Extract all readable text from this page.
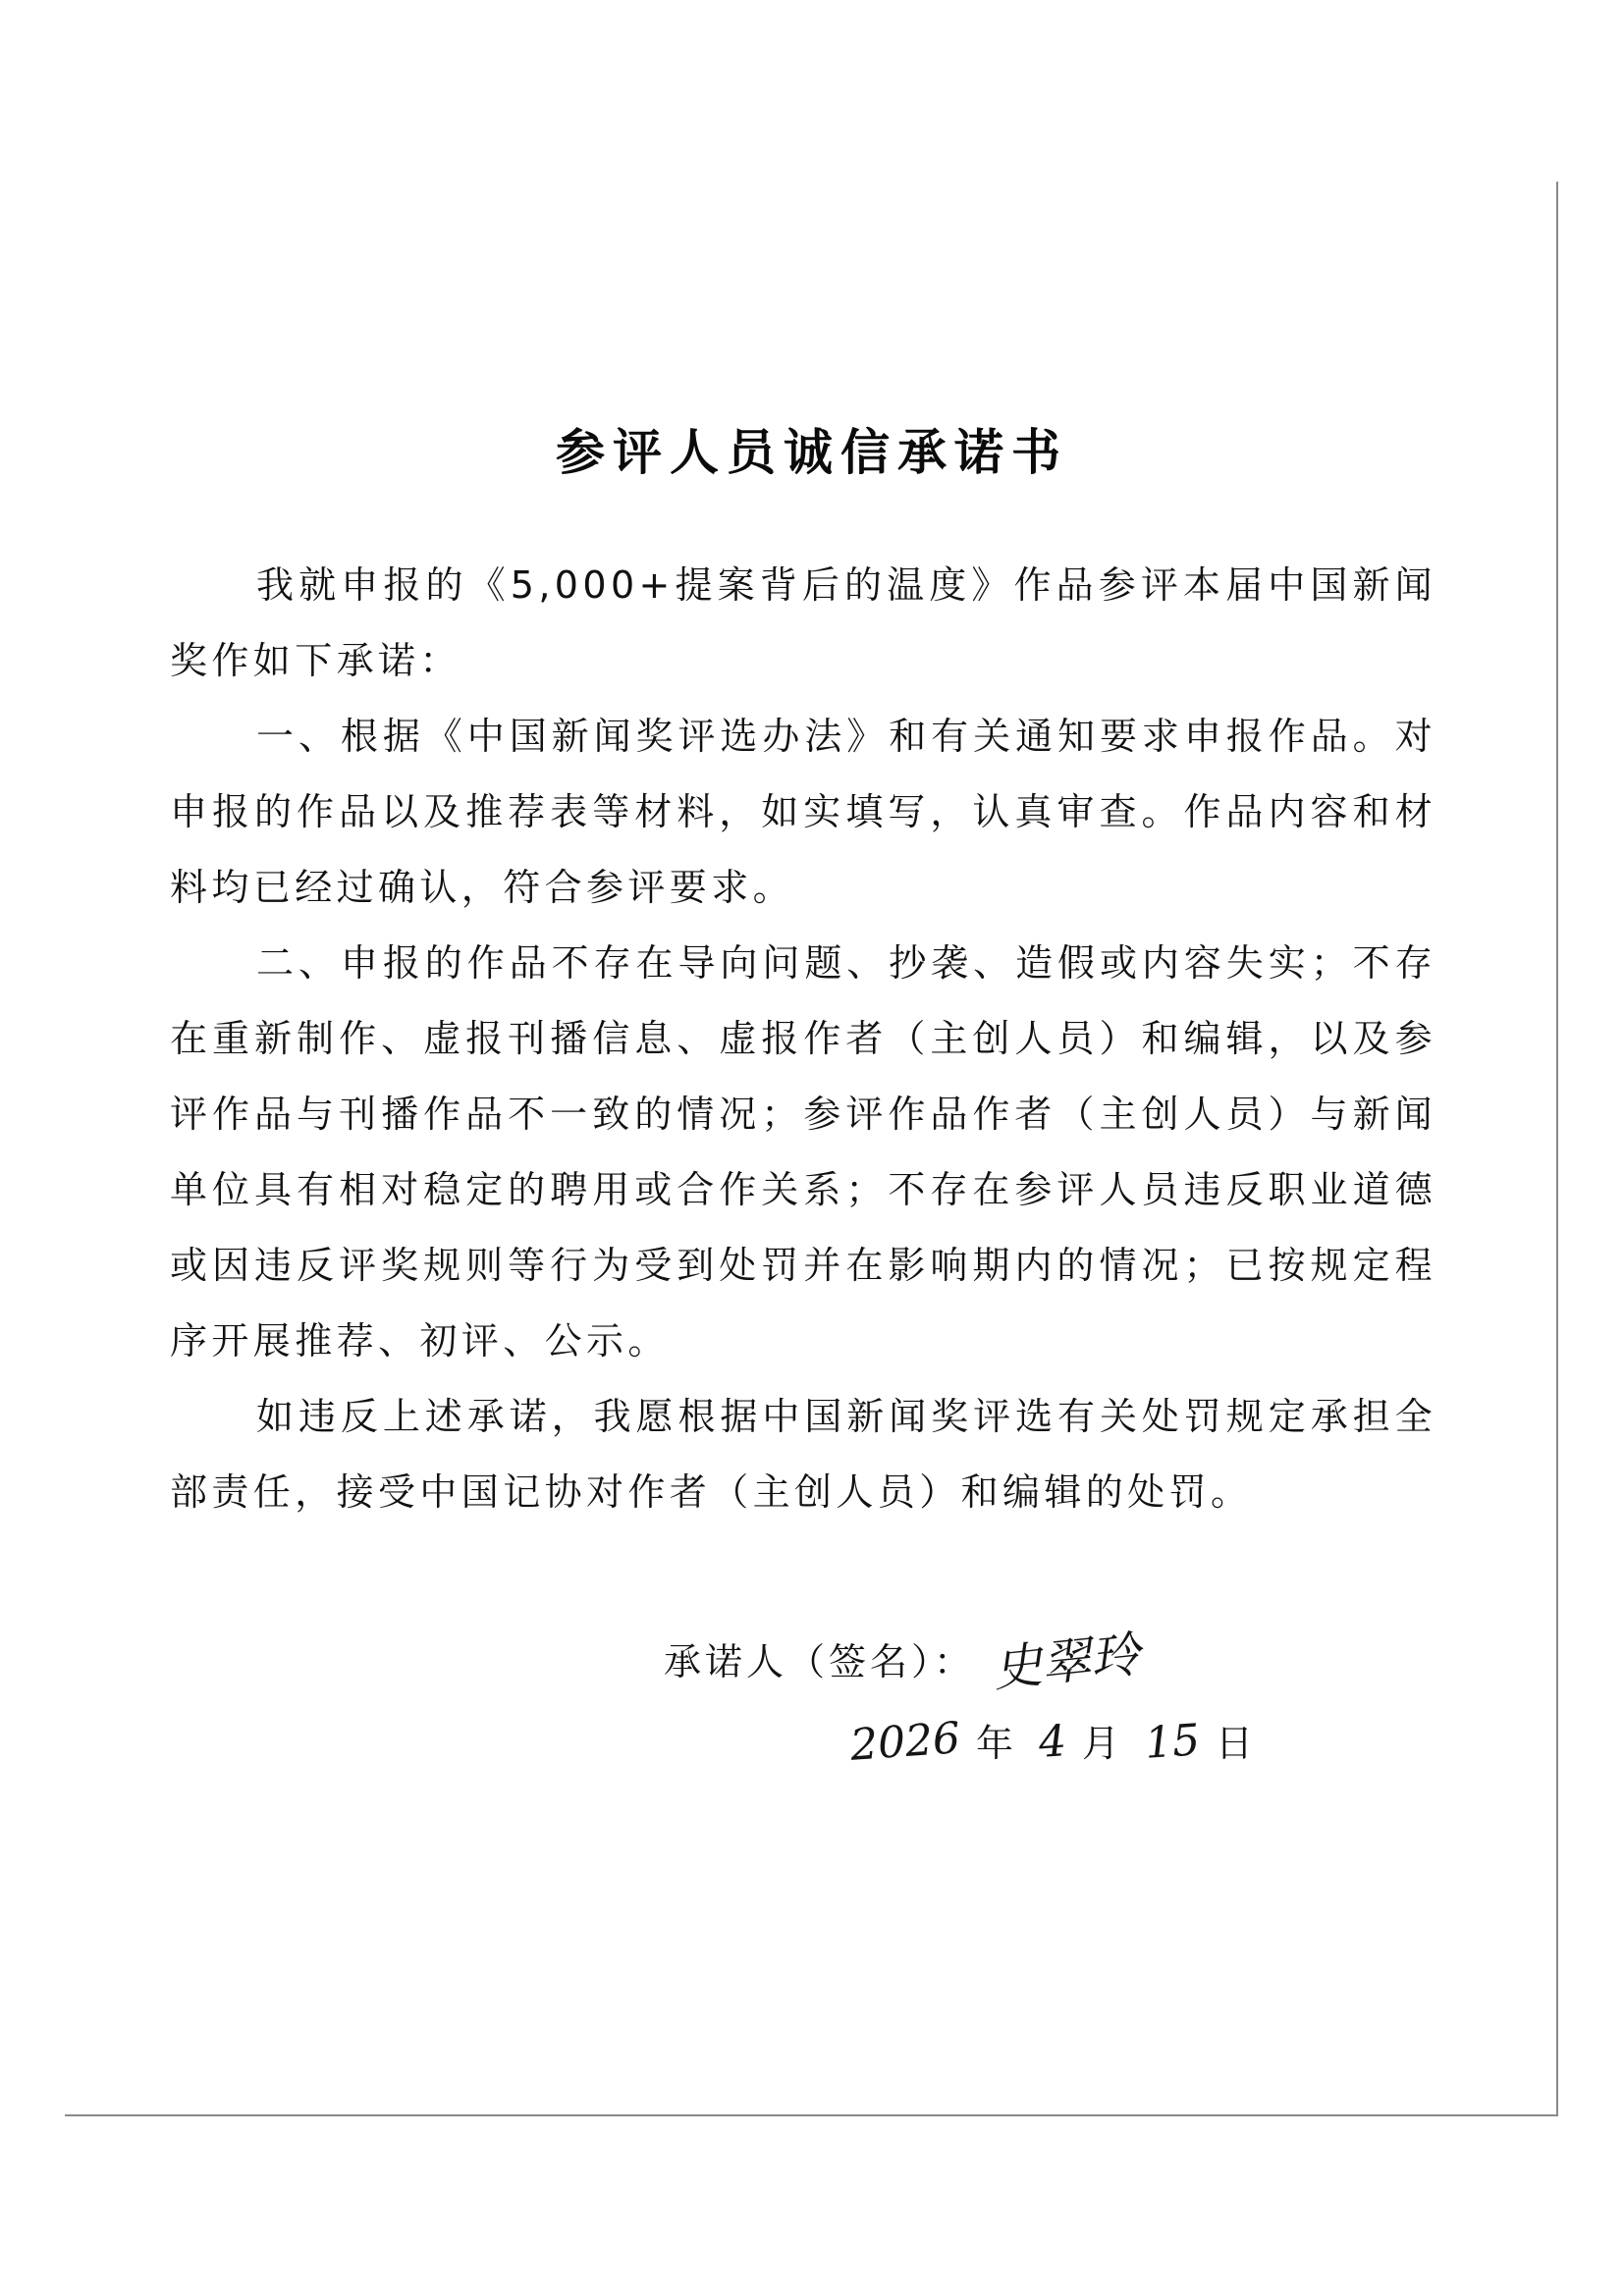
参评人员诚信承诺书

我就申报的《5,000+提案背后的温度》作品参评本届中国新闻奖作如下承诺：

一、根据《中国新闻奖评选办法》和有关通知要求申报作品。对申报的作品以及推荐表等材料，如实填写，认真审查。作品内容和材料均已经过确认，符合参评要求。

二、申报的作品不存在导向问题、抄袭、造假或内容失实；不存在重新制作、虚报刊播信息、虚报作者（主创人员）和编辑，以及参评作品与刊播作品不一致的情况；参评作品作者（主创人员）与新闻单位具有相对稳定的聘用或合作关系；不存在参评人员违反职业道德或因违反评奖规则等行为受到处罚并在影响期内的情况；已按规定程序开展推荐、初评、公示。

如违反上述承诺，我愿根据中国新闻奖评选有关处罚规定承担全部责任，接受中国记协对作者（主创人员）和编辑的处罚。

承诺人（签名）： 史翠玲
2026 年 4 月 15 日
